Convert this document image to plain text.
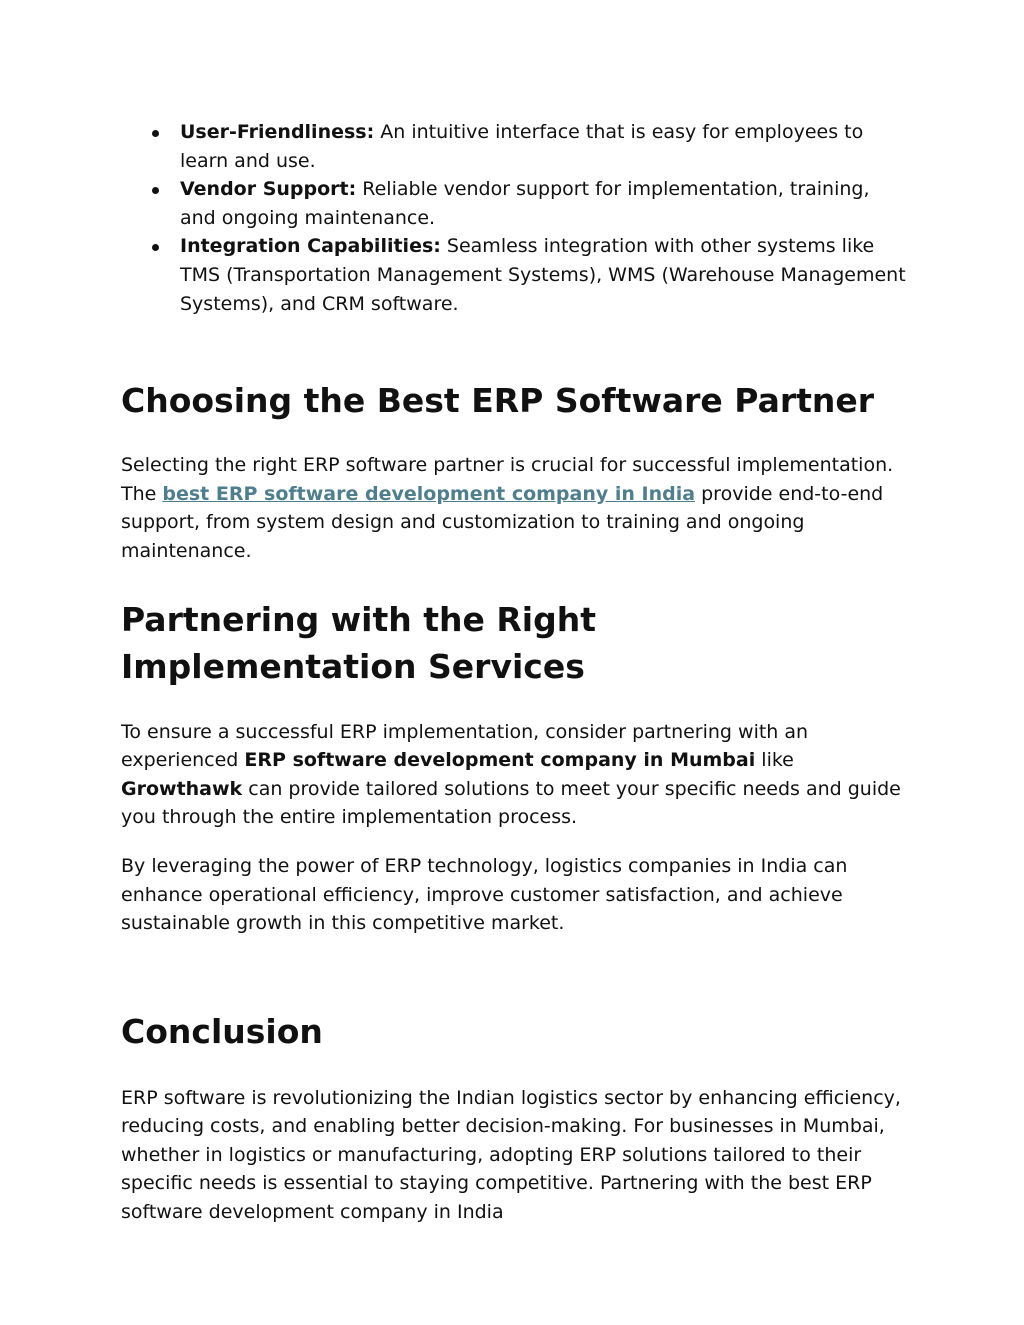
User-Friendliness: An intuitive interface that is easy for employees to learn and use.
Vendor Support: Reliable vendor support for implementation, training, and ongoing maintenance.
Integration Capabilities: Seamless integration with other systems like TMS (Transportation Management Systems), WMS (Warehouse Management Systems), and CRM software.
Choosing the Best ERP Software Partner

Selecting the right ERP software partner is crucial for successful implementation. The best ERP software development company in India provide end-to-end support, from system design and customization to training and ongoing maintenance.

Partnering with the Right
Implementation Services

To ensure a successful ERP implementation, consider partnering with an experienced ERP software development company in Mumbai like Growthawk can provide tailored solutions to meet your specific needs and guide you through the entire implementation process.

By leveraging the power of ERP technology, logistics companies in India can enhance operational efficiency, improve customer satisfaction, and achieve sustainable growth in this competitive market.

Conclusion

ERP software is revolutionizing the Indian logistics sector by enhancing efficiency, reducing costs, and enabling better decision-making. For businesses in Mumbai, whether in logistics or manufacturing, adopting ERP solutions tailored to their specific needs is essential to staying competitive. Partnering with the best ERP software development company in India
